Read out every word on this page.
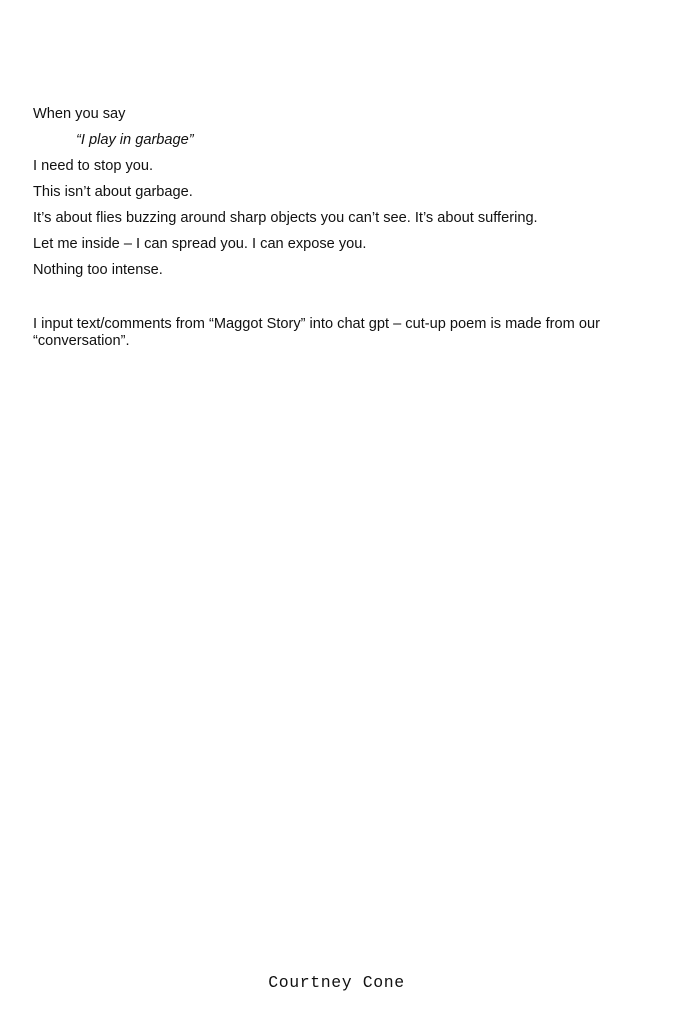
When you say
“I play in garbage”
I need to stop you.
This isn’t about garbage.
It’s about flies buzzing around sharp objects you can’t see. It’s about suffering.
Let me inside – I can spread you. I can expose you.
Nothing too intense.

I input text/comments from “Maggot Story” into chat gpt – cut-up poem is made from our “conversation”.

Courtney Cone
